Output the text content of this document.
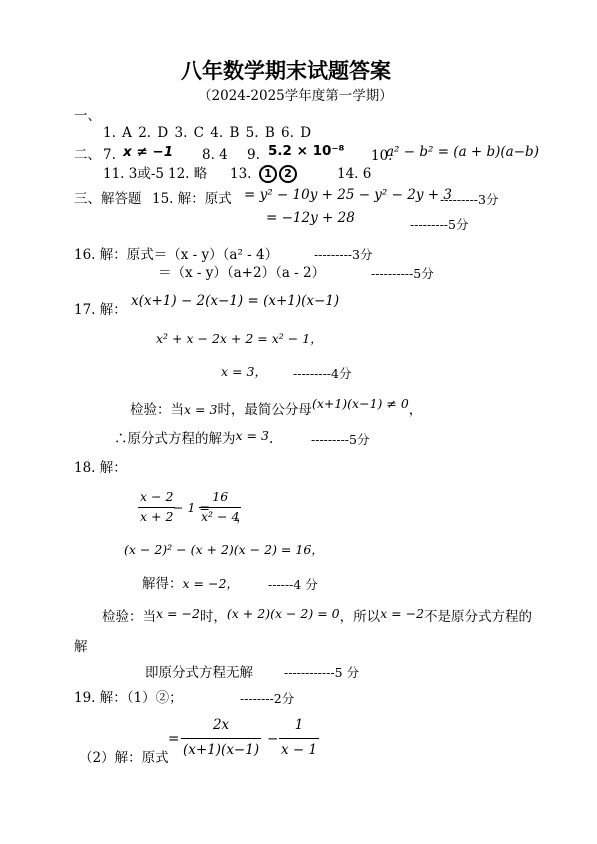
八年数学期末试题答案
（2024-2025学年度第一学期）
一、
1. A 2. D 3. C 4. B 5. B 6. D
二、 7. x ≠ −1 8. 4 9. 5.2 × 10⁻⁸ 10.
a² − b² = (a + b)(a−b)
11. 3或-5 12. 略 13.	1 2	14. 6
三、解答题 15. 解：原式 = y² − 10y + 25 − y² − 2y + 3
---------3分
= −12y + 28	---------5分
16. 解：原式＝（x - y）（a² - 4）	---------3分
＝（x - y）（a+2）（a - 2）	----------5分
17. 解：
x(x+1) − 2(x−1) = (x+1)(x−1)
x² + x − 2x + 2 = x² − 1，
x = 3， ---------4分
检验：当x = 3时，最简公分母(x+1)(x−1) ≠ 0，
∴原分式方程的解为x = 3.	---------5分
18. 解：
x − 2
x + 2
− 1 =
16
x² − 4
，
(x − 2)² − (x + 2)(x − 2) = 16，
解得：x = −2， ------4 分
检验：当x = −2时，(x + 2)(x − 2) = 0，所以x = −2不是原分式方程的
解
即原分式方程无解 ------------5 分
19. 解：（1）②；	--------2分
（2）解：原式
=
2x
(x+1)(x−1)
−
1
x − 1
